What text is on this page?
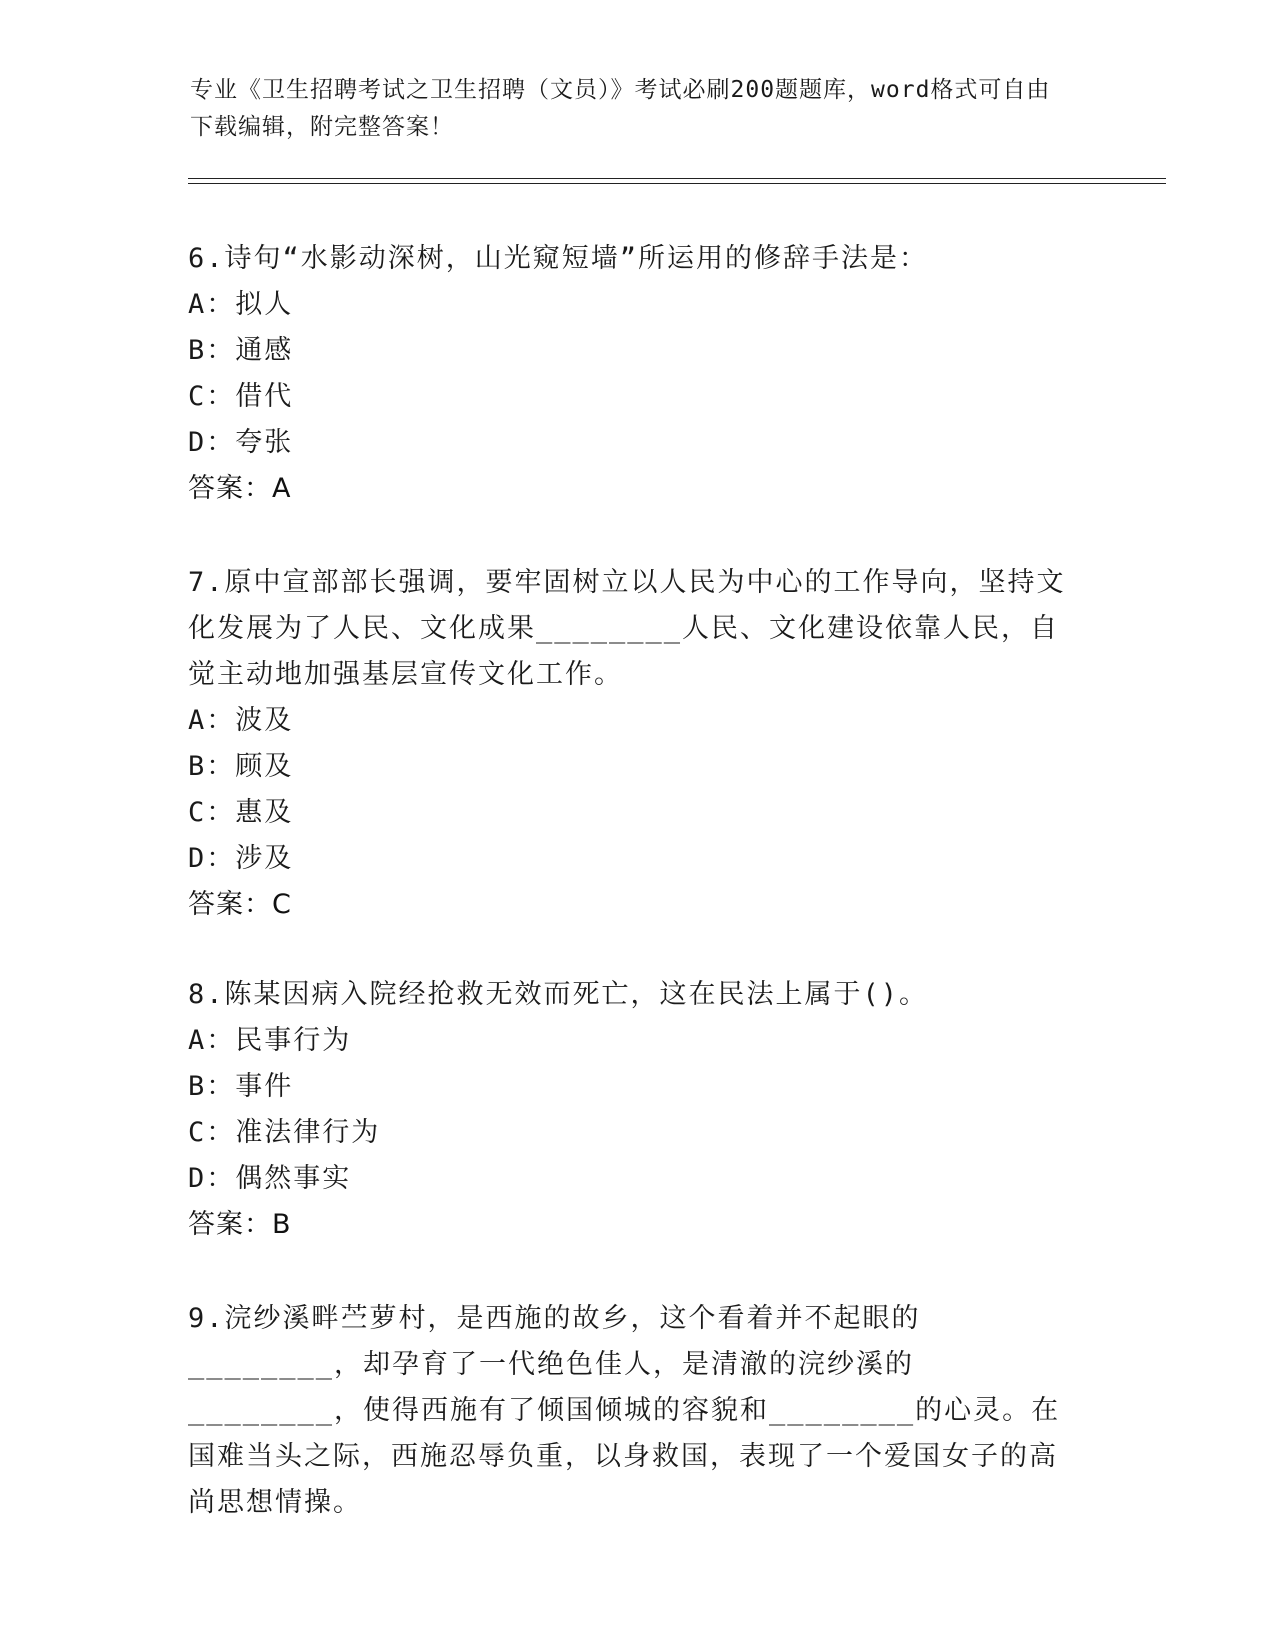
专业《卫生招聘考试之卫生招聘（文员）》考试必刷200题题库，word格式可自由下载编辑，附完整答案！

6.诗句“水影动深树，山光窥短墙”所运用的修辞手法是：

A：拟人

B：通感

C：借代

D：夸张

答案：A

7.原中宣部部长强调，要牢固树立以人民为中心的工作导向，坚持文化发展为了人民、文化成果________人民、文化建设依靠人民，自觉主动地加强基层宣传文化工作。

A：波及

B：顾及

C：惠及

D：涉及

答案：C

8.陈某因病入院经抢救无效而死亡，这在民法上属于()。

A：民事行为

B：事件

C：准法律行为

D：偶然事实

答案：B

9.浣纱溪畔苎萝村，是西施的故乡，这个看着并不起眼的________，却孕育了一代绝色佳人，是清澈的浣纱溪的________，使得西施有了倾国倾城的容貌和________的心灵。在国难当头之际，西施忍辱负重，以身救国，表现了一个爱国女子的高尚思想情操。
